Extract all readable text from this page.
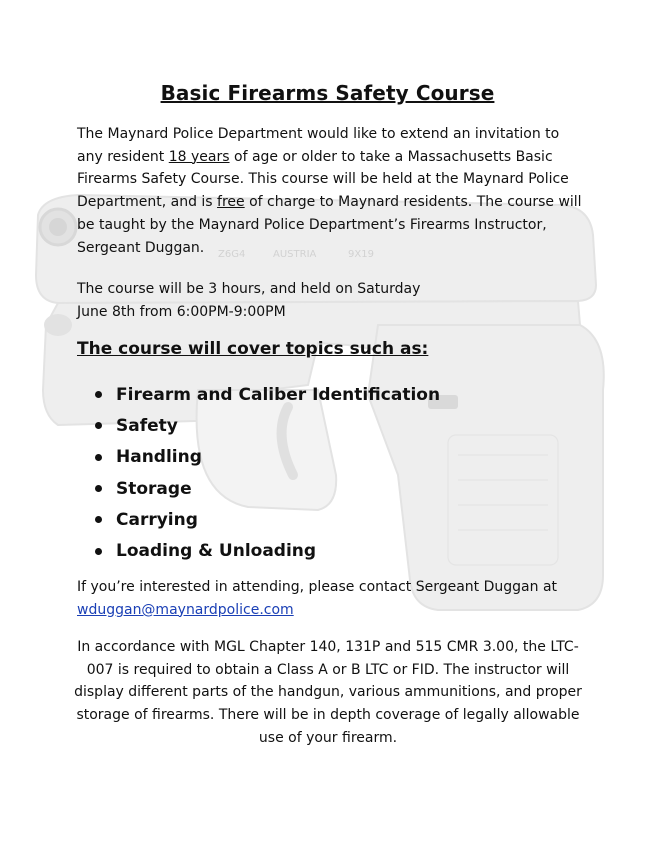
Z6G4	AUSTRIA	9X19
Basic Firearms Safety Course
The Maynard Police Department would like to extend an invitation to any resident 18 years of age or older to take a Massachusetts Basic Firearms Safety Course. This course will be held at the Maynard Police Department, and is free of charge to Maynard residents. The course will be taught by the Maynard Police Department’s Firearms Instructor, Sergeant Duggan.
The course will be 3 hours, and held on Saturday
June 8th from 6:00PM-9:00PM
The course will cover topics such as:
Firearm and Caliber Identification
Safety
Handling
Storage
Carrying
Loading & Unloading
If you’re interested in attending, please contact Sergeant Duggan at
wduggan@maynardpolice.com
In accordance with MGL Chapter 140, 131P and 515 CMR 3.00, the LTC-007 is required to obtain a Class A or B LTC or FID. The instructor will display different parts of the handgun, various ammunitions, and proper storage of firearms. There will be in depth coverage of legally allowable use of your firearm.
